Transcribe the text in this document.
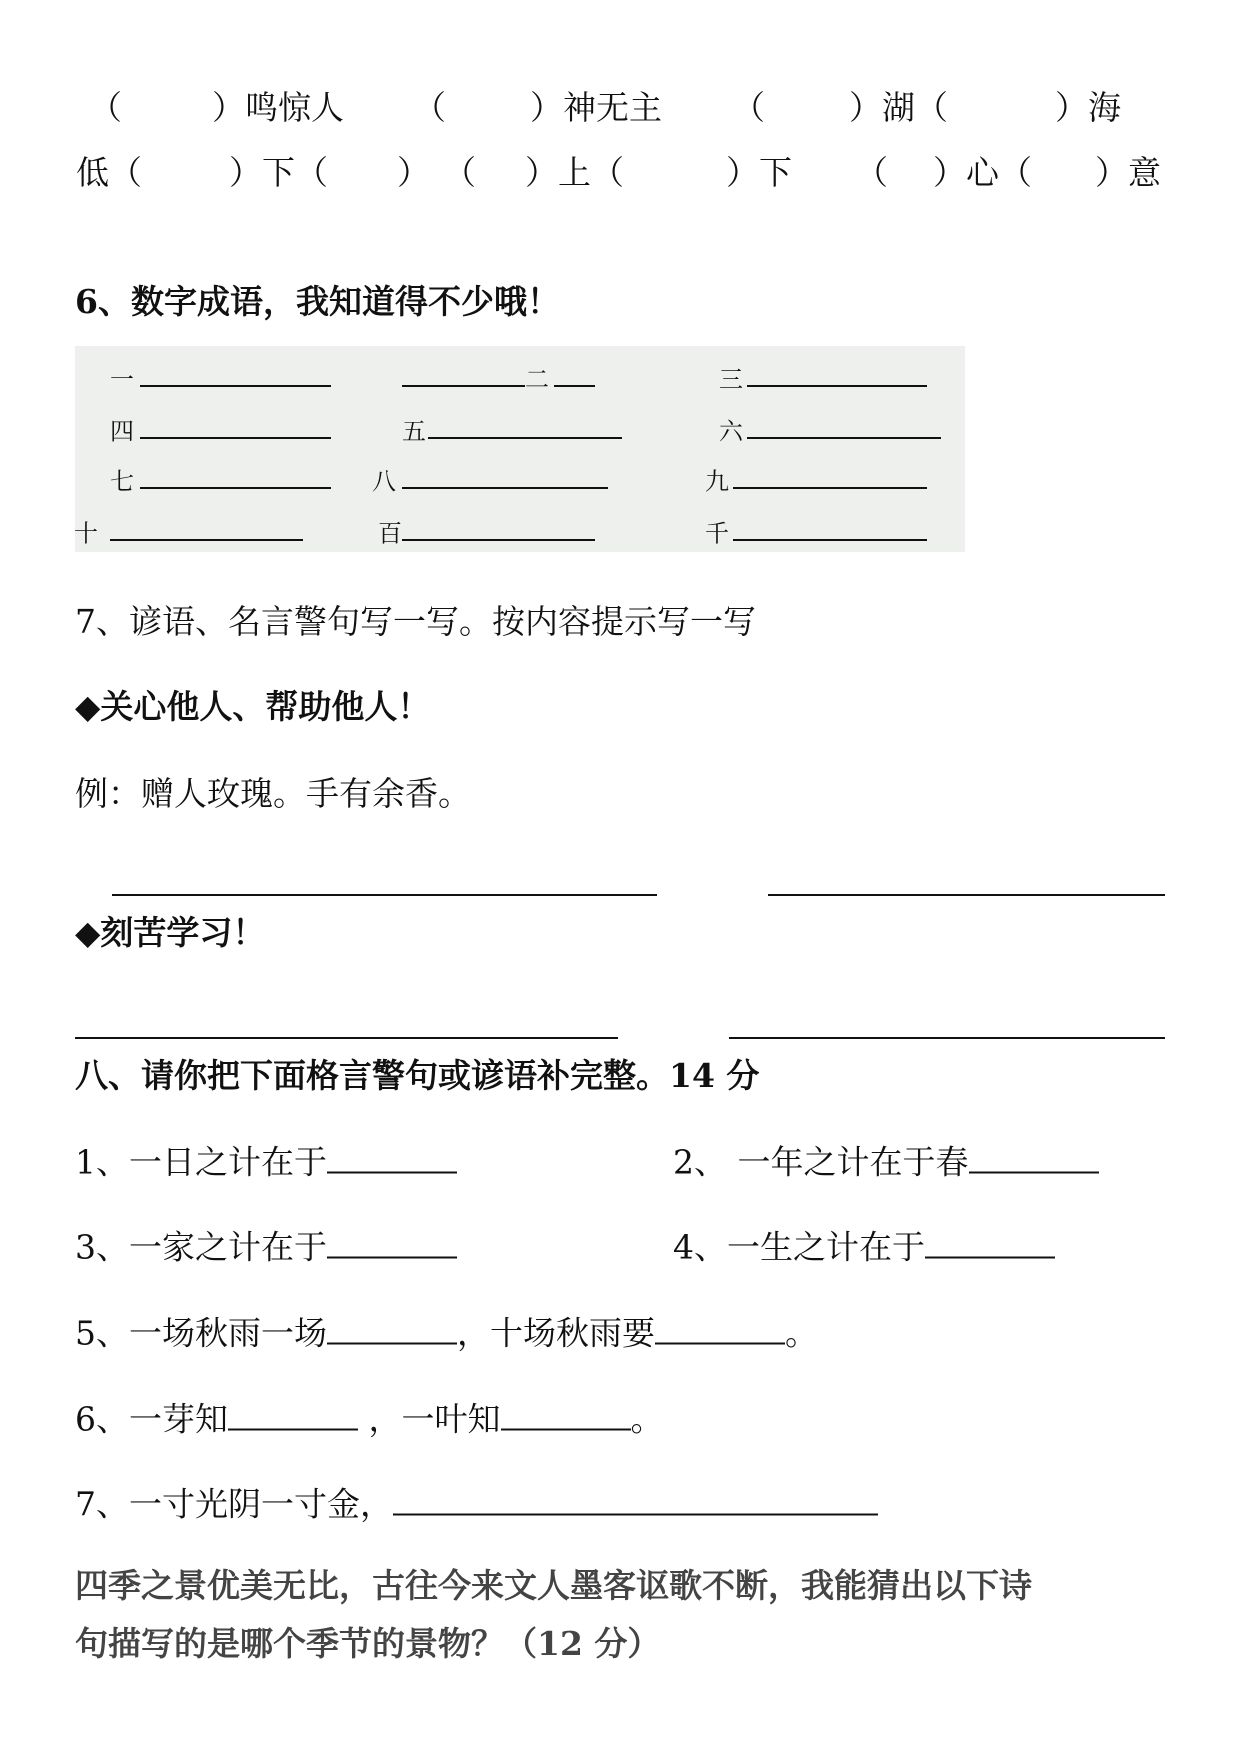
（	）鸣惊人 （	）神无主 （	）湖（	）海
低（	）下（ ） （ ）上（	）下 （ ）心（ ）意
6、数字成语，我知道得不少哦！
一	二	三
四	五	六
七	八	九
十	百	千
7、谚语、名言警句写一写。按内容提示写一写
◆关心他人、帮助他人！
例：赠人玫瑰。手有余香。
◆刻苦学习！
八、请你把下面格言警句或谚语补完整。14 分
1、一日之计在于	2、 一年之计在于春
3、一家之计在于	4、一生之计在于
5、一场秋雨一场	，十场秋雨要	。
6、一芽知	，一叶知	。
7、一寸光阴一寸金，
四季之景优美无比，古往今来文人墨客讴歌不断，我能猜出以下诗
句描写的是哪个季节的景物？（12 分）
